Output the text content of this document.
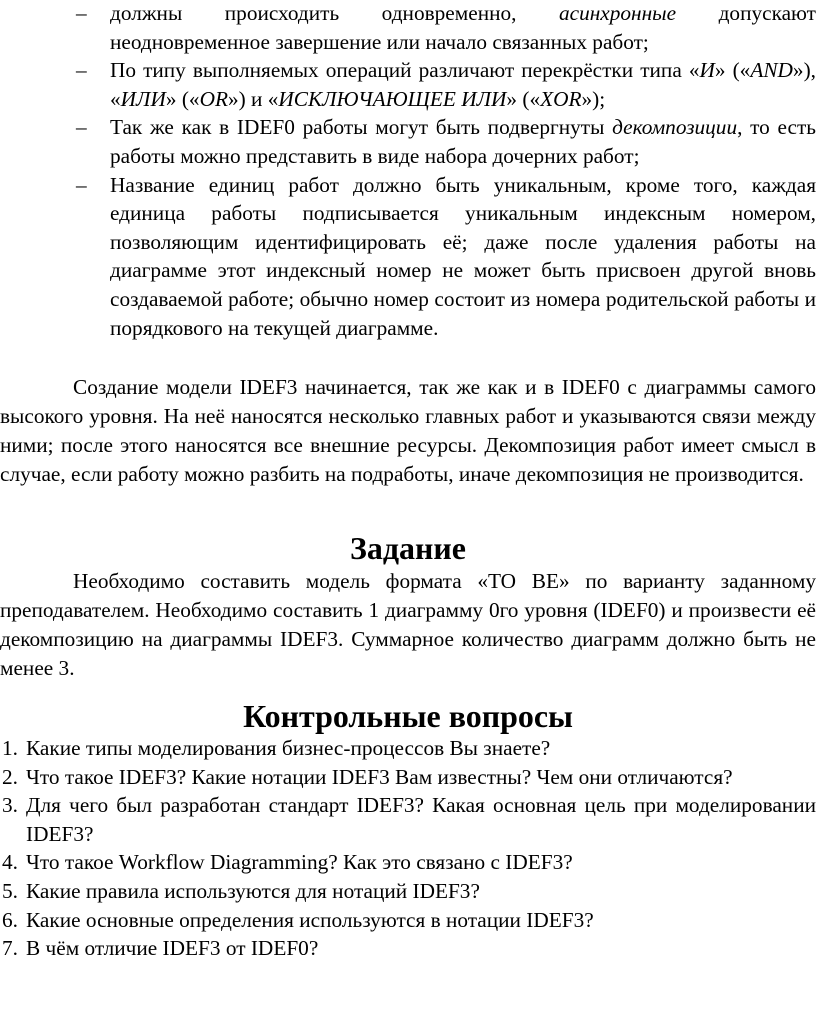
– должны происходить одновременно, асинхронные допускают неодновременное завершение или начало связанных работ;
– По типу выполняемых операций различают перекрёстки типа «И» («AND»), «ИЛИ» («OR») и «ИСКЛЮЧАЮЩЕЕ ИЛИ» («XOR»);
– Так же как в IDEF0 работы могут быть подвергнуты декомпозиции, то есть работы можно представить в виде набора дочерних работ;
– Название единиц работ должно быть уникальным, кроме того, каждая единица работы подписывается уникальным индексным номером, позволяющим идентифицировать её; даже после удаления работы на диаграмме этот индексный номер не может быть присвоен другой вновь создаваемой работе; обычно номер состоит из номера родительской работы и порядкового на текущей диаграмме.

Создание модели IDEF3 начинается, так же как и в IDEF0 с диаграммы самого высокого уровня. На неё наносятся несколько главных работ и указываются связи между ними; после этого наносятся все внешние ресурсы. Декомпозиция работ имеет смысл в случае, если работу можно разбить на подработы, иначе декомпозиция не производится.

Задание

Необходимо составить модель формата «TO BE» по варианту заданному преподавателем. Необходимо составить 1 диаграмму 0го уровня (IDEF0) и произвести её декомпозицию на диаграммы IDEF3. Суммарное количество диаграмм должно быть не менее 3.

Контрольные вопросы
1. Какие типы моделирования бизнес-процессов Вы знаете?
2. Что такое IDEF3? Какие нотации IDEF3 Вам известны? Чем они отличаются?
3. Для чего был разработан стандарт IDEF3? Какая основная цель при моделировании IDEF3?
4. Что такое Workflow Diagramming? Как это связано с IDEF3?
5. Какие правила используются для нотаций IDEF3?
6. Какие основные определения используются в нотации IDEF3?
7. В чём отличие IDEF3 от IDEF0?
